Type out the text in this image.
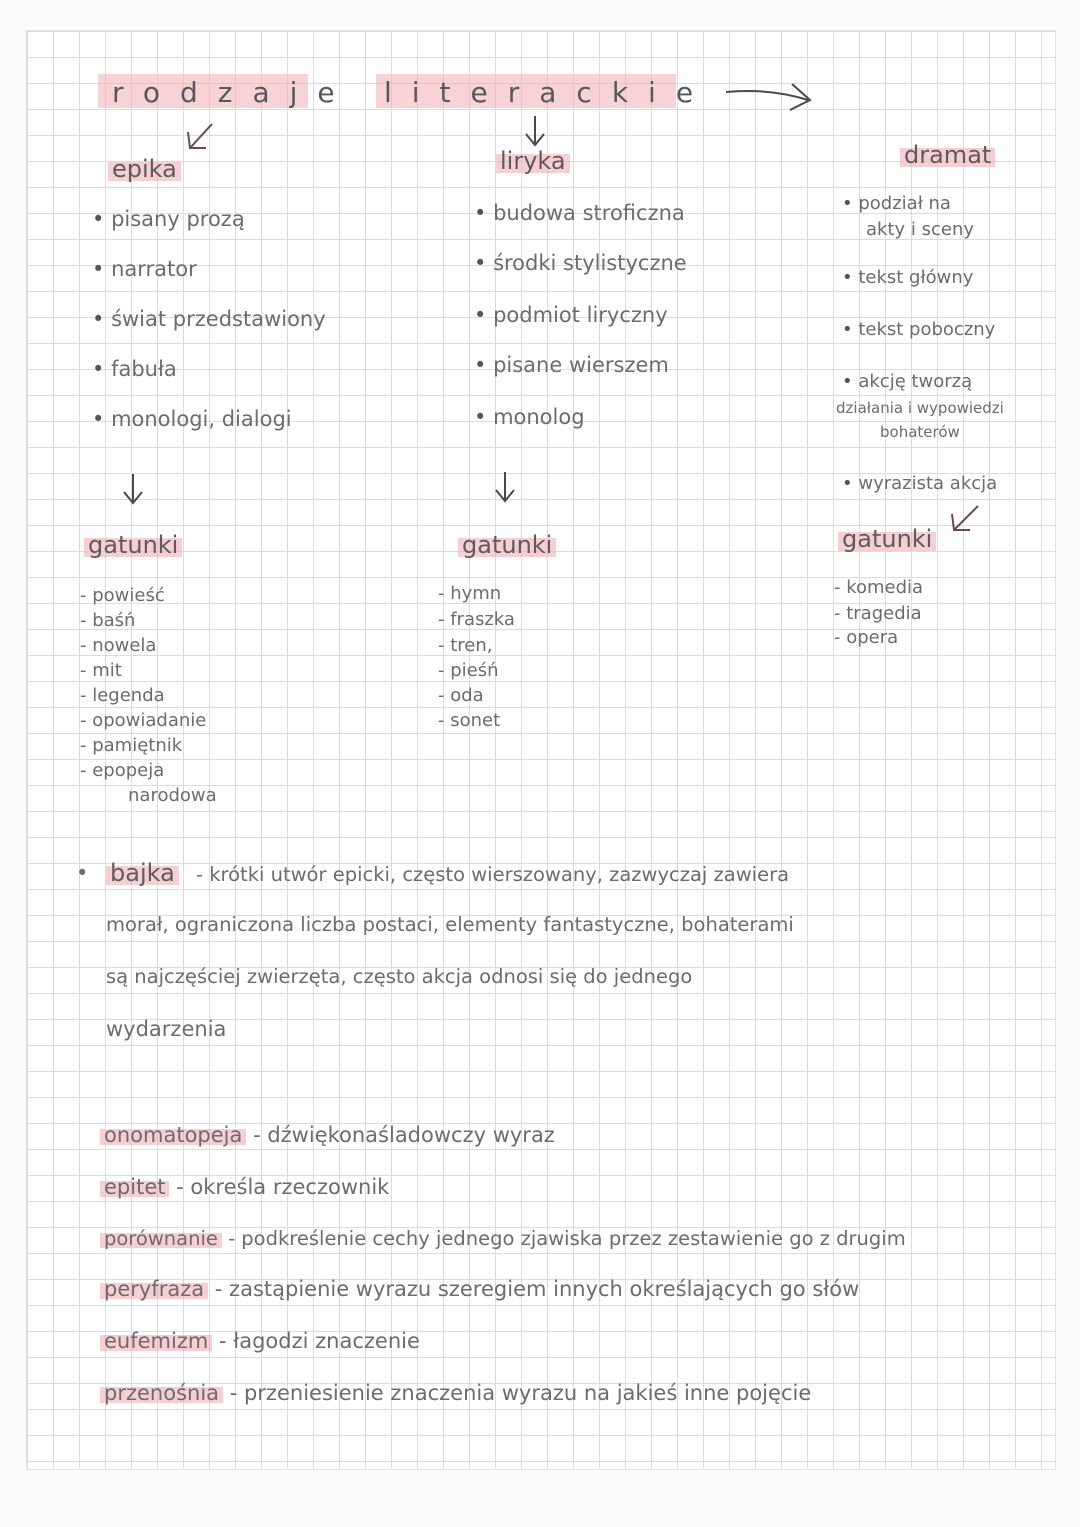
rodzaje literackie
epika
• pisany prozą
• narrator
• świat przedstawiony
• fabuła
• monologi, dialogi
gatunki
- powieść
- baśń
- nowela
- mit
- legenda
- opowiadanie
- pamiętnik
- epopeja
narodowa
liryka
• budowa stroficzna
• środki stylistyczne
• podmiot liryczny
• pisane wierszem
• monolog
gatunki
- hymn
- fraszka
- tren,
- pieśń
- oda
- sonet
dramat
• podział na
akty i sceny
• tekst główny
• tekst poboczny
• akcję tworzą
działania i wypowiedzi
bohaterów
• wyrazista akcja
gatunki
- komedia
- tragedia
- opera
• bajka - krótki utwór epicki, często wierszowany, zazwyczaj zawiera
morał, ograniczona liczba postaci, elementy fantastyczne, bohaterami
są najczęściej zwierzęta, często akcja odnosi się do jednego
wydarzenia
onomatopeja - dźwiękonaśladowczy wyraz
epitet - określa rzeczownik
porównanie - podkreślenie cechy jednego zjawiska przez zestawienie go z drugim
peryfraza - zastąpienie wyrazu szeregiem innych określających go słów
eufemizm - łagodzi znaczenie
przenośnia - przeniesienie znaczenia wyrazu na jakieś inne pojęcie
